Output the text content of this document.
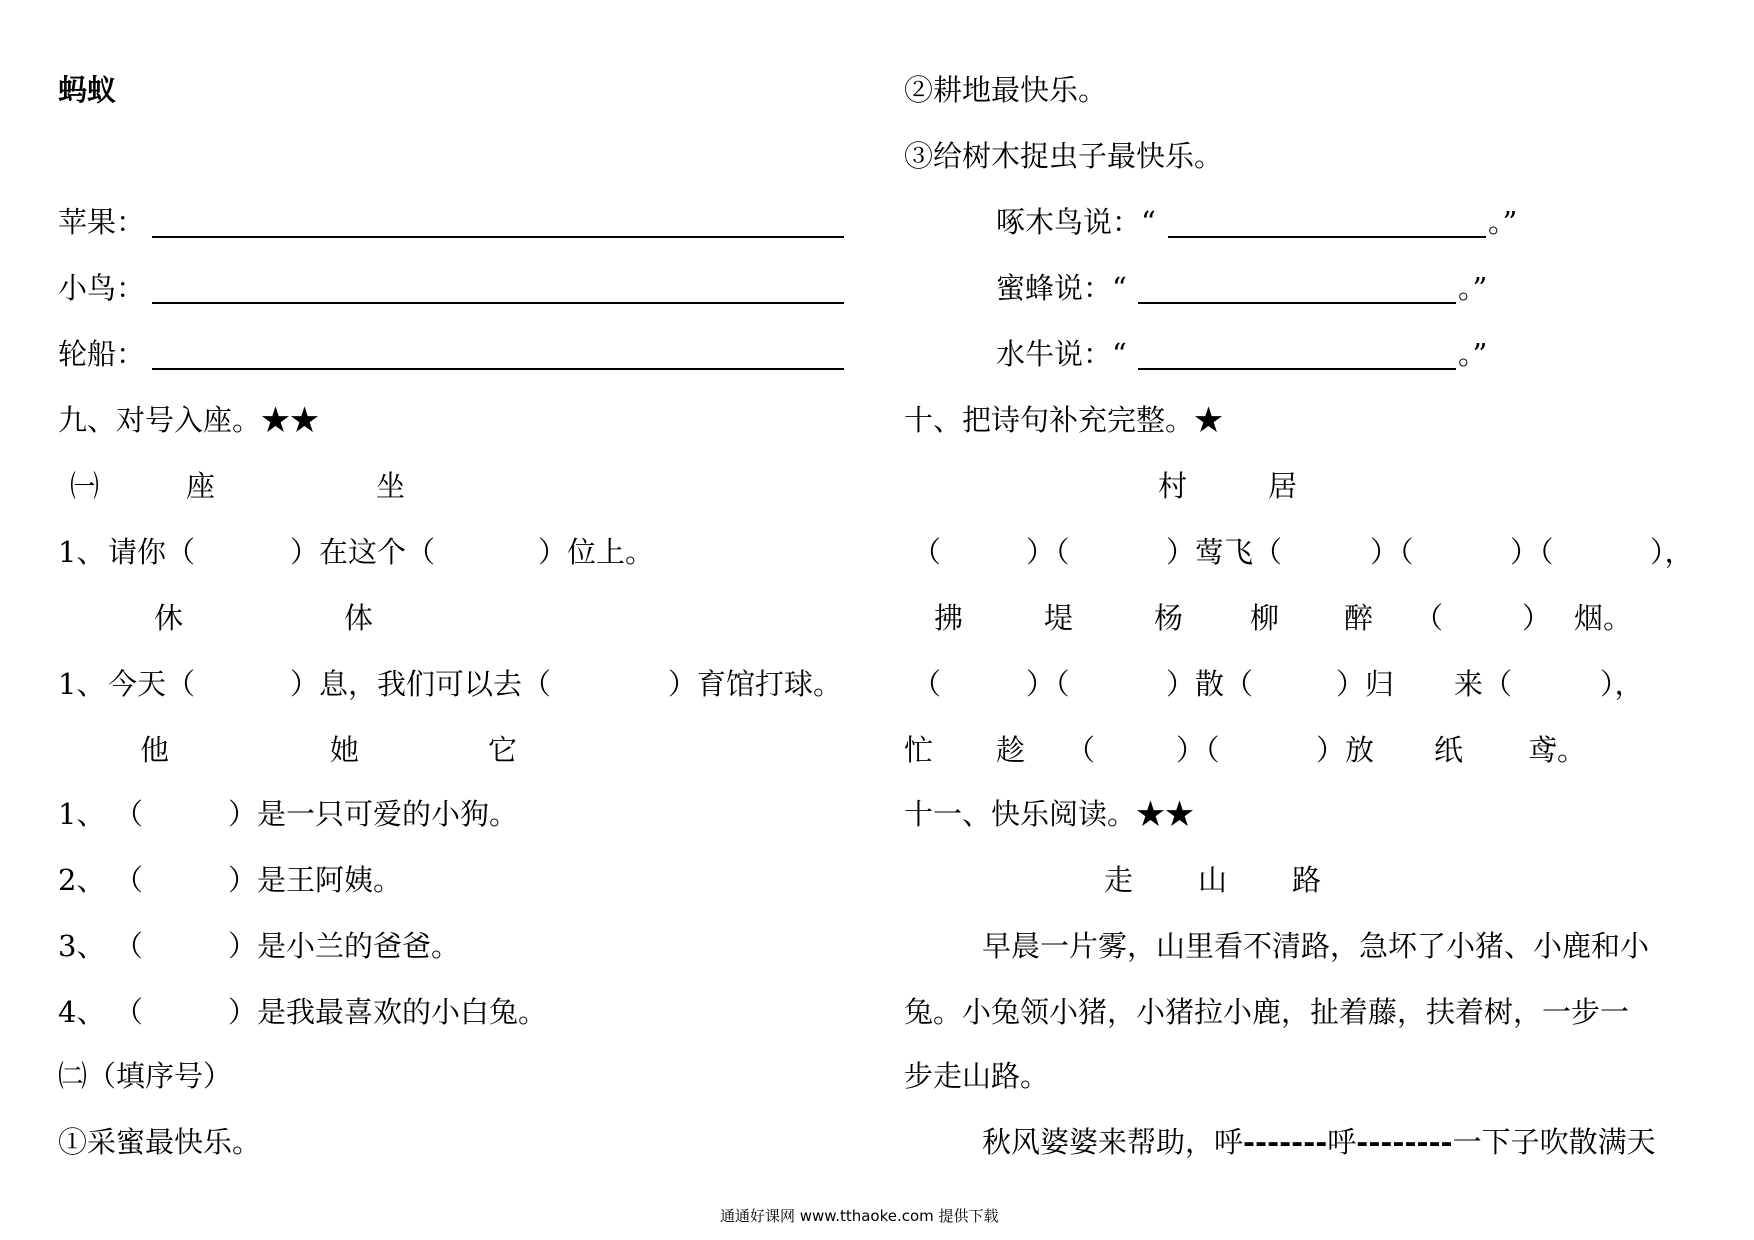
蚂蚁
苹果：
小鸟：
轮船：
九、对号入座。★★
㈠	座	坐
1、 请你（	）在这个（	）位上。
休	体
1、 今天（	）息，我们可以去（	）育馆打球。
他	她	它
1、 （	）是一只可爱的小狗。
2、 （	）是王阿姨。
3、 （	）是小兰的爸爸。
4、 （	）是我最喜欢的小白兔。
㈡（填序号）
①采蜜最快乐。
②耕地最快乐。
③给树木捉虫子最快乐。
啄木鸟说：“	。”
蜜蜂说：“	。”
水牛说：“	。”
十、把诗句补充完整。★
村	居
（	）（	）莺飞（	）（	）（	），
拂	堤	杨 柳 醉 （	） 烟。
（	）（	）散（	）归 来（	），
忙 趁 （	）（	）放 纸 鸢。
十一、快乐阅读。★★
走 山 路
早晨一片雾，山里看不清路，急坏了小猪、小鹿和小
兔。小兔领小猪，小猪拉小鹿，扯着藤，扶着树，一步一
步走山路。
秋风婆婆来帮助，呼-------呼--------一下子吹散满天
通通好课网 www.tthaoke.com 提供下载
